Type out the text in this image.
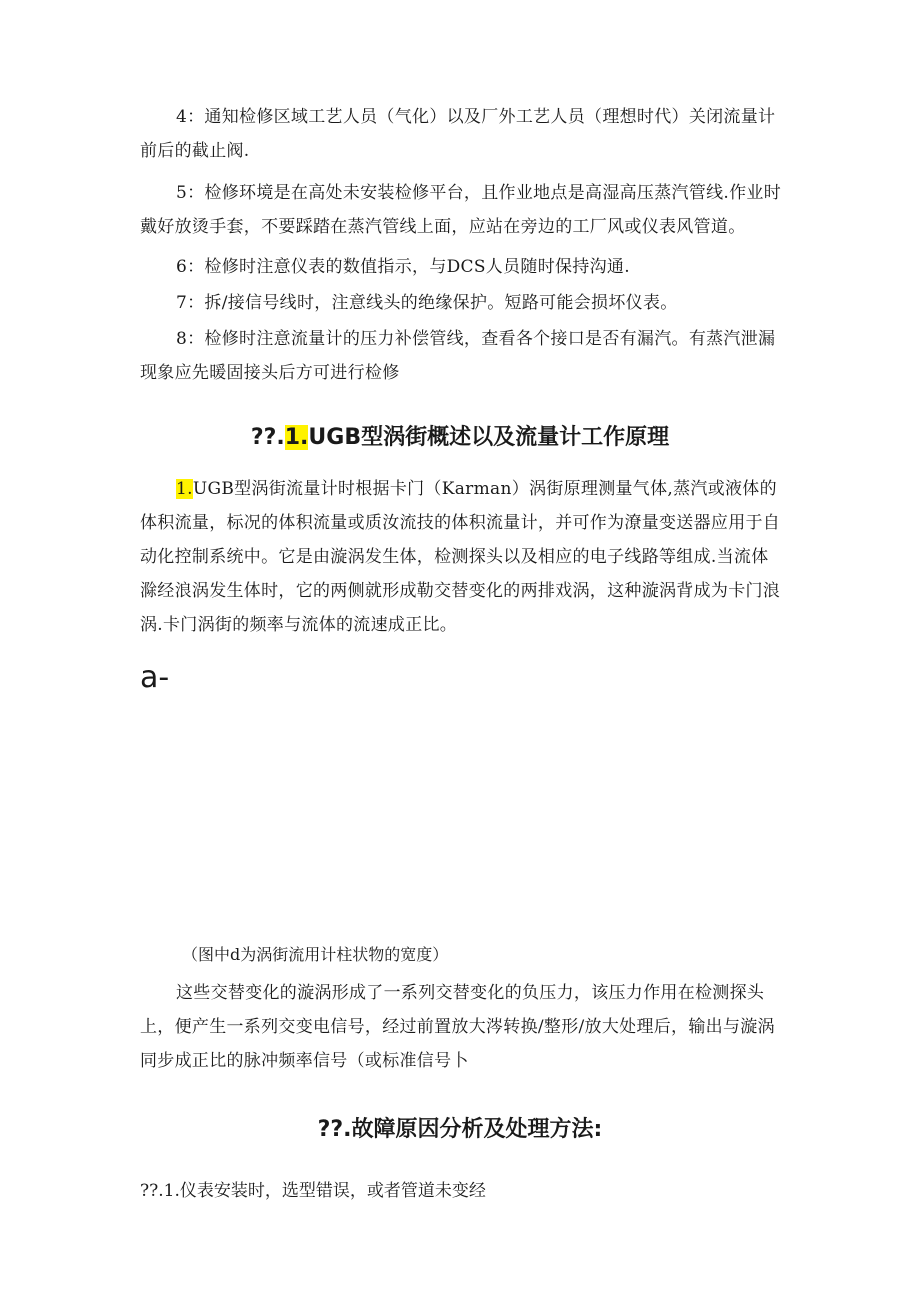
4：通知检修区域工艺人员（气化）以及厂外工艺人员（理想时代）关闭流量计前后的截止阀.

5：检修环境是在高处未安装检修平台，且作业地点是高湿高压蒸汽管线.作业时戴好放烫手套，不要踩踏在蒸汽管线上面，应站在旁边的工厂风或仪表风管道。

6：检修时注意仪表的数值指示，与DCS人员随时保持沟通.

7：拆/接信号线时，注意线头的绝缘保护。短路可能会损坏仪表。

8：检修时注意流量计的压力补偿管线，查看各个接口是否有漏汽。有蒸汽泄漏现象应先暖固接头后方可进行检修

??.1.UGB型涡街概述以及流量计工作原理

1.UGB型涡街流量计时根据卡门（Karman）涡街原理测量气体,蒸汽或液体的体积流量，标况的体积流量或质汝流技的体积流量计，并可作为潦量变送器应用于自动化控制系统中。它是由漩涡发生体，检测探头以及相应的电子线路等组成.当流体滁经浪涡发生体时，它的两侧就形成勒交替变化的两排戏涡，这种漩涡背成为卡门浪涡.卡门涡街的频率与流体的流速成正比。

a-
（图中d为涡街流用计柱状物的宽度）

这些交替变化的漩涡形成了一系列交替变化的负压力，该压力作用在检测探头上，便产生一系列交变电信号，经过前置放大涔转换/整形/放大处理后，输出与漩涡同步成正比的脉冲频率信号（或标准信号卜

??.故障原因分析及处理方法:
??.1.仪表安装时，选型错误，或者管道未变经
